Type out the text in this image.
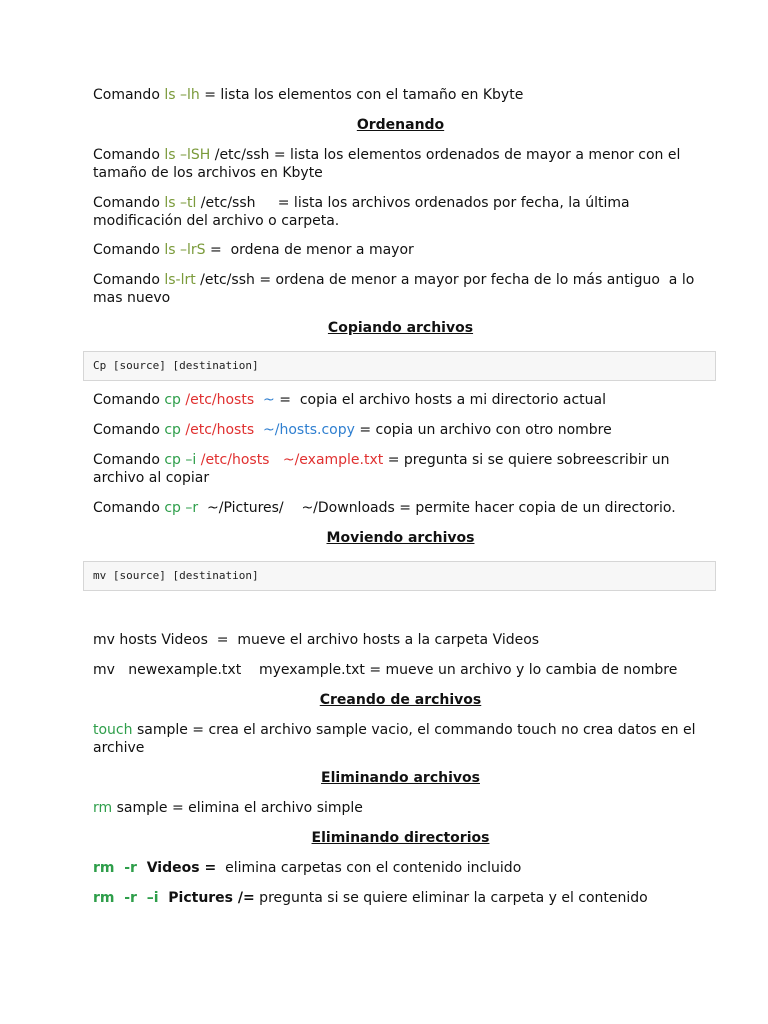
Comando ls –lh = lista los elementos con el tamaño en Kbyte
Ordenando
Comando ls –lSH /etc/ssh = lista los elementos ordenados de mayor a menor con el
tamaño de los archivos en Kbyte
Comando ls –tl /etc/ssh     = lista los archivos ordenados por fecha, la última
modificación del archivo o carpeta.
Comando ls –lrS =  ordena de menor a mayor
Comando ls-lrt /etc/ssh = ordena de menor a mayor por fecha de lo más antiguo  a lo
mas nuevo
Copiando archivos
Cp [source] [destination]
Comando cp /etc/hosts  ~ =  copia el archivo hosts a mi directorio actual
Comando cp /etc/hosts  ~/hosts.copy = copia un archivo con otro nombre
Comando cp –i /etc/hosts   ~/example.txt = pregunta si se quiere sobreescribir un
archivo al copiar
Comando cp –r  ~/Pictures/    ~/Downloads = permite hacer copia de un directorio.
Moviendo archivos
mv [source] [destination]
mv hosts Videos  =  mueve el archivo hosts a la carpeta Videos
mv   newexample.txt    myexample.txt = mueve un archivo y lo cambia de nombre
Creando de archivos
touch sample = crea el archivo sample vacio, el commando touch no crea datos en el
archive
Eliminando archivos
rm sample = elimina el archivo simple
Eliminando directorios
rm  -r  Videos =  elimina carpetas con el contenido incluido
rm  -r  –i  Pictures /= pregunta si se quiere eliminar la carpeta y el contenido
